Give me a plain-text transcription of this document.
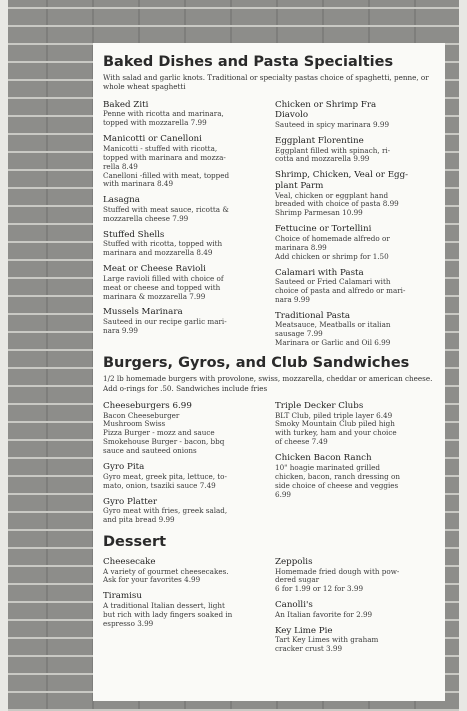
Baked Dishes and Pasta Specialties
With salad and garlic knots. Traditional or specialty pastas choice of spaghetti, penne, or whole wheat spaghetti
Baked Ziti
Penne with ricotta and marinara,
topped with mozzarella 7.99
Manicotti or Canelloni
Manicotti - stuffed with ricotta,
topped with marinara and mozza-
rella 8.49
Canelloni -filled with meat, topped
with marinara 8.49
Lasagna
Stuffed with meat sauce, ricotta &
mozzarella cheese 7.99
Stuffed Shells
Stuffed with ricotta, topped with
marinara and mozzarella 8.49
Meat or Cheese Ravioli
Large ravioli filled with choice of
meat or cheese and topped with
marinara & mozzarella 7.99
Mussels Marinara
Sauteed in our recipe garlic mari-
nara 9.99
Chicken or Shrimp Fra
Diavolo
Sauteed in spicy marinara 9.99
Eggplant Florentine
Eggplant filled with spinach, ri-
cotta and mozzarella 9.99
Shrimp, Chicken, Veal or Egg-
plant Parm
Veal, chicken or eggplant hand
breaded with choice of pasta 8.99
Shrimp Parmesan 10.99
Fettucine or Tortellini
Choice of homemade alfredo or
marinara 8.99
Add chicken or shrimp for 1.50
Calamari with Pasta
Sauteed or Fried Calamari with
choice of pasta and alfredo or mari-
nara 9.99
Traditional Pasta
Meatsauce, Meatballs or italian
sausage 7.99
Marinara or Garlic and Oil 6.99
Burgers, Gyros, and Club Sandwiches
1/2 lb homemade burgers with provolone, swiss, mozzarella, cheddar or american cheese. Add o-rings for .50. Sandwiches include fries
Cheeseburgers 6.99
Bacon Cheeseburger
Mushroom Swiss
Pizza Burger - mozz and sauce
Smokehouse Burger - bacon, bbq
sauce and sauteed onions
Gyro Pita
Gyro meat, greek pita, lettuce, to-
mato, onion, tsaziki sauce 7.49
Gyro Platter
Gyro meat with fries, greek salad,
and pita bread 9.99
Triple Decker Clubs
BLT Club, piled triple layer 6.49
Smoky Mountain Club piled high
with turkey, ham and your choice
of cheese 7.49
Chicken Bacon Ranch
10" hoagie marinated grilled
chicken, bacon, ranch dressing on
side choice of cheese and veggies
6.99
Dessert
Cheesecake
A variety of gourmet cheesecakes.
Ask for your favorites 4.99
Tiramisu
A traditional Italian dessert, light
but rich with lady fingers soaked in
espresso 3.99
Zeppolis
Homemade fried dough with pow-
dered sugar
6 for 1.99 or 12 for 3.99
Canolli's
An Italian favorite for 2.99
Key Lime Pie
Tart Key Limes with graham
cracker crust 3.99
